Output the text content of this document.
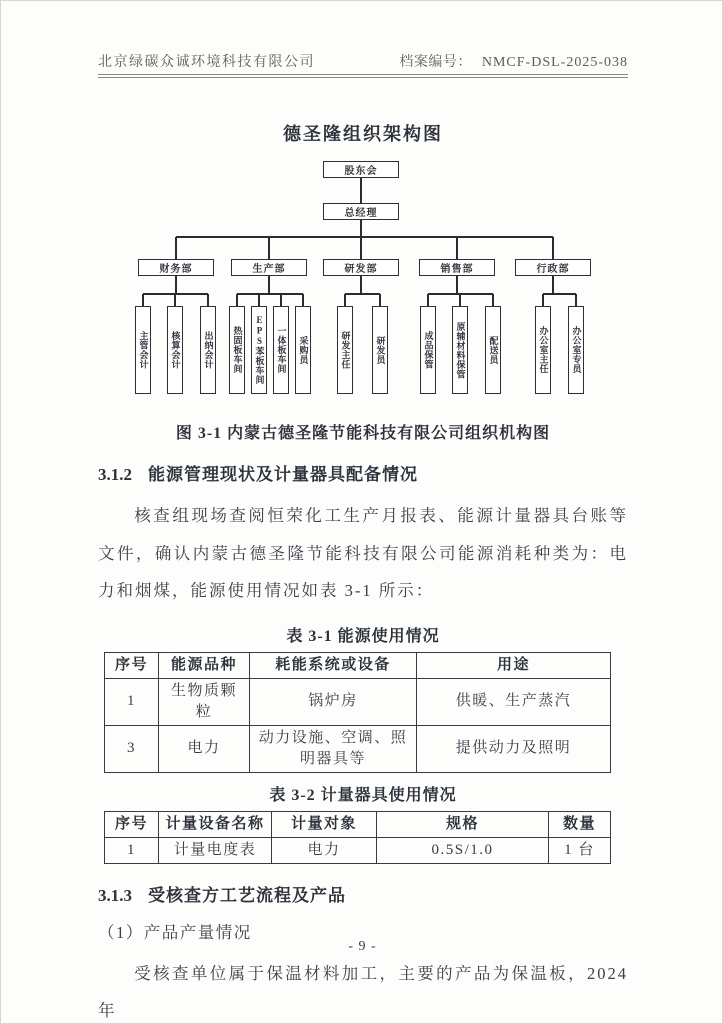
北京绿碳众诚环境科技有限公司	档案编号： NMCF-DSL-2025-038
德圣隆组织架构图
股东会
总经理
财务部	生产部	研发部	销售部	行政部
主管会计	核算会计	出纳会计	热固板车间	EPS苯板车间	一体板车间	采购员	研发主任	研发员	成品保管	原辅材料保管	配送员	办公室主任	办公室专员
图 3-1 内蒙古德圣隆节能科技有限公司组织机构图
3.1.2 能源管理现状及计量器具配备情况
核查组现场查阅恒荣化工生产月报表、能源计量器具台账等文件，确认内蒙古德圣隆节能科技有限公司能源消耗种类为：电力和烟煤，能源使用情况如表 3-1 所示：
表 3-1 能源使用情况
序号	能源品种	耗能系统或设备	用途
1	生物质颗粒	锅炉房	供暖、生产蒸汽
3	电力	动力设施、空调、照明器具等	提供动力及照明
表 3-2 计量器具使用情况
序号	计量设备名称	计量对象	规格	数量
1	计量电度表	电力	0.5S/1.0	1 台
3.1.3 受核查方工艺流程及产品
（1）产品产量情况
受核查单位属于保温材料加工，主要的产品为保温板，2024 年
- 9 -
